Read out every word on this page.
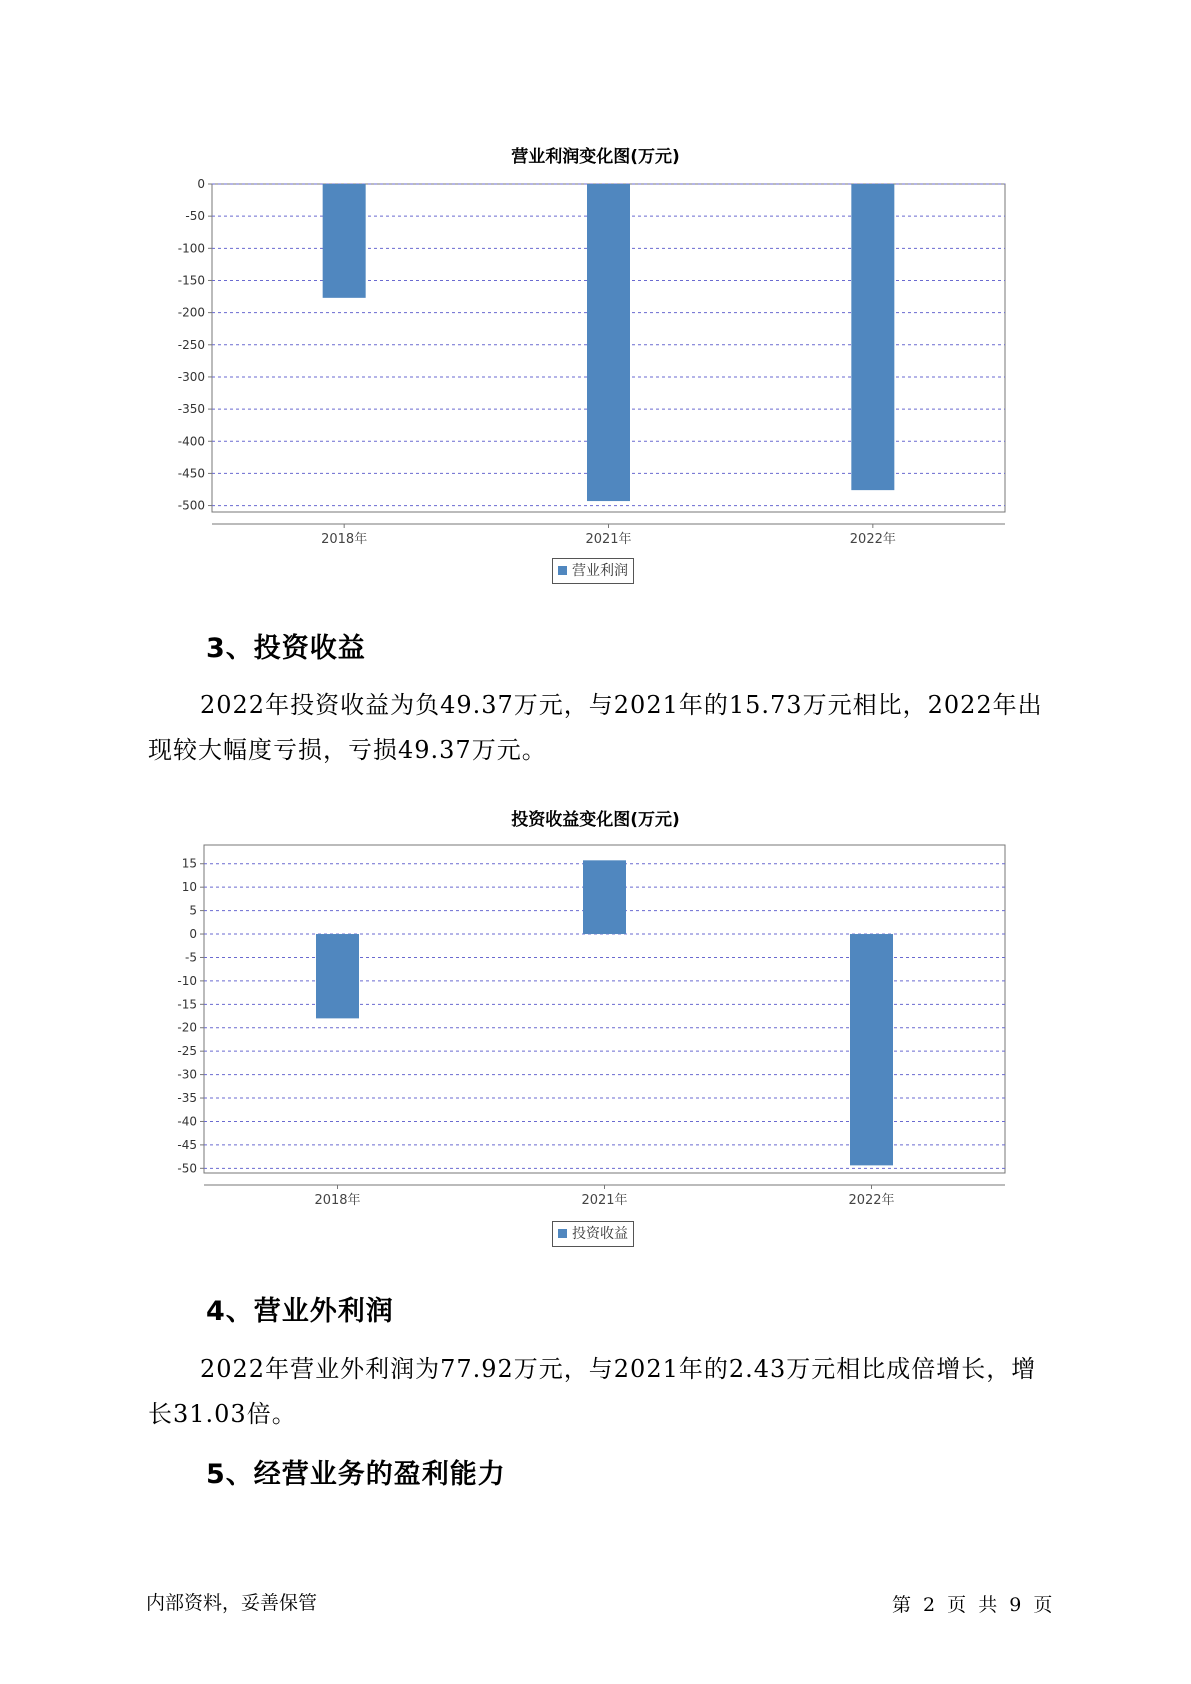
营业利润变化图(万元)
0
-50
-100
-150
-200
-250
-300
-350
-400
-450
-500
2018年	2021年	2022年
营业利润
3、投资收益

2022年投资收益为负49.37万元，与2021年的15.73万元相比，2022年出现较大幅度亏损，亏损49.37万元。

投资收益变化图(万元)
15
10
5
0
-5
-10
-15
-20
-25
-30
-35
-40
-45
-50
2018年	2021年	2022年
投资收益
4、营业外利润

2022年营业外利润为77.92万元，与2021年的2.43万元相比成倍增长，增长31.03倍。

5、经营业务的盈利能力
内部资料，妥善保管	第 2 页 共 9 页
